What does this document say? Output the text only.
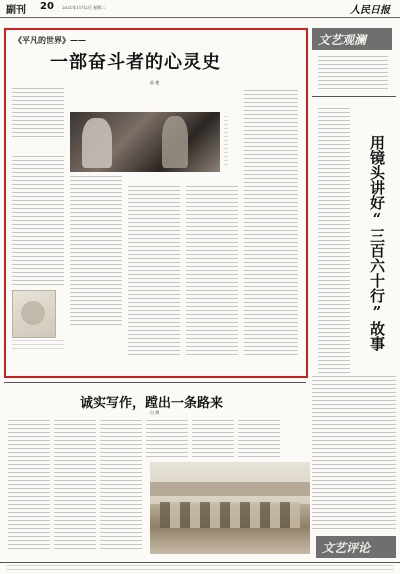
副刊 20 2021年11月2日 星期二	人民日报
《平凡的世界》——
一部奋斗者的心灵史
苗 艳
文艺观澜
用镜头讲好“三百六十行”故事
诚实写作，蹚出一条路来
白 烨
文艺评论
